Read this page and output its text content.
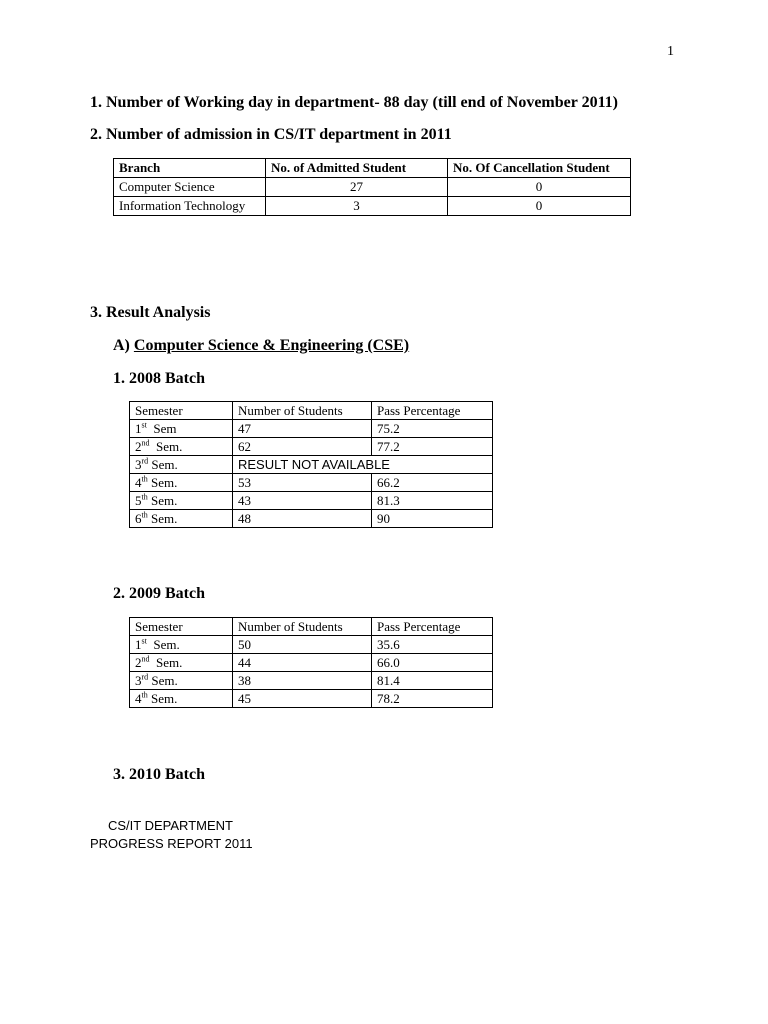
1
1. Number of Working day in department- 88 day (till end of November 2011)
2. Number of admission in CS/IT department in 2011
Branch	No. of Admitted Student	No. Of Cancellation Student
Computer Science	27	0
Information Technology	3	0
3. Result Analysis
A) Computer Science & Engineering (CSE)
1. 2008 Batch
Semester	Number of Students	Pass Percentage
1st  Sem	47	75.2
2nd  Sem.	62	77.2
3rd Sem.	RESULT NOT AVAILABLE	
4th Sem.	53	66.2
5th Sem.	43	81.3
6th Sem.	48	90
2. 2009 Batch
Semester	Number of Students	Pass Percentage
1st  Sem.	50	35.6
2nd  Sem.	44	66.0
3rd Sem.	38	81.4
4th Sem.	45	78.2
3. 2010 Batch
CS/IT DEPARTMENT
PROGRESS REPORT 2011
